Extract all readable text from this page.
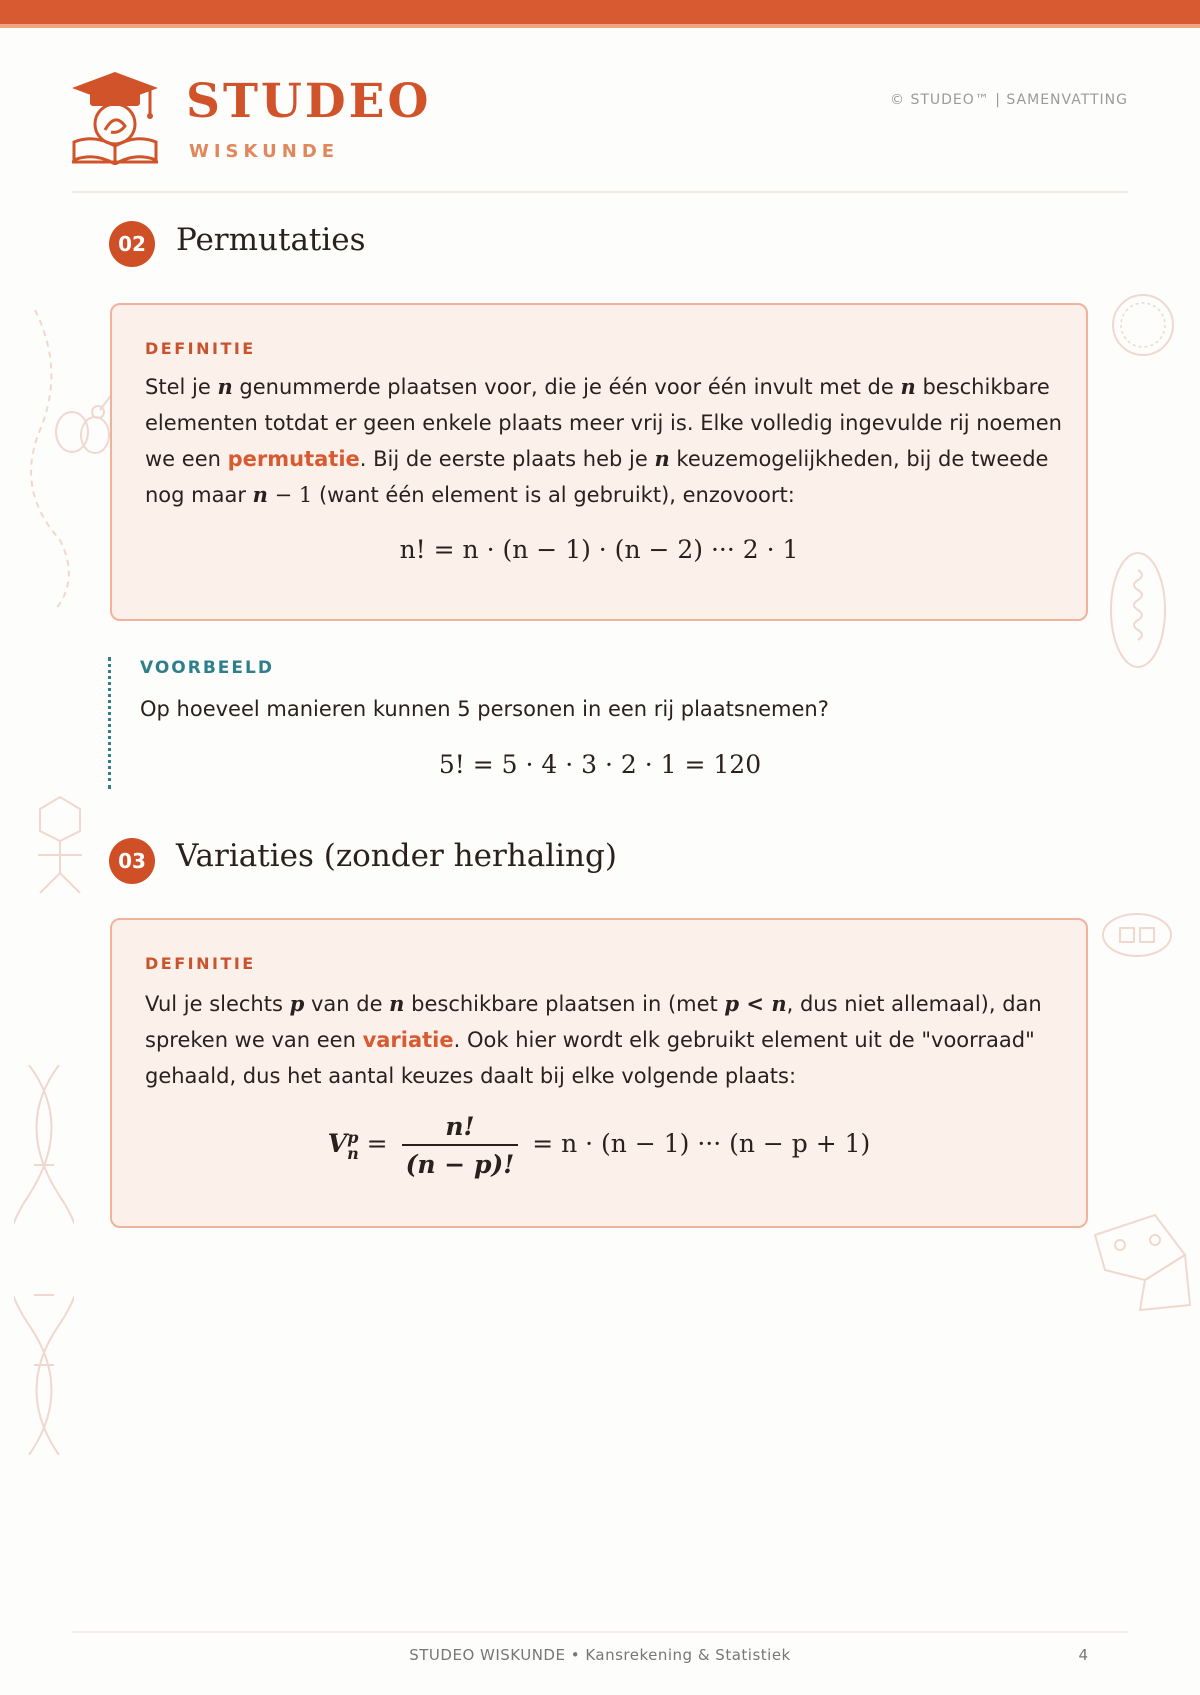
STUDEO
WISKUNDE
© STUDEO™ | SAMENVATTING
02 Permutaties
DEFINITIE
Stel je n genummerde plaatsen voor, die je één voor één invult met de n beschikbare elementen totdat er geen enkele plaats meer vrij is. Elke volledig ingevulde rij noemen we een permutatie. Bij de eerste plaats heb je n keuzemogelijkheden, bij de tweede nog maar n − 1 (want één element is al gebruikt), enzovoort:
n! = n · (n − 1) · (n − 2) ··· 2 · 1
VOORBEELD
Op hoeveel manieren kunnen 5 personen in een rij plaatsnemen?
5! = 5 · 4 · 3 · 2 · 1 = 120
03 Variaties (zonder herhaling)
DEFINITIE
Vul je slechts p van de n beschikbare plaatsen in (met p < n, dus niet allemaal), dan spreken we van een variatie. Ook hier wordt elk gebruikt element uit de "voorraad" gehaald, dus het aantal keuzes daalt bij elke volgende plaats:
V p
$n = \frac{n!}{(n - p)!} = n \cdot (n - 1)$ ··· (n − p + 1)
STUDEO WISKUNDE • Kansrekening & Statistiek	4
